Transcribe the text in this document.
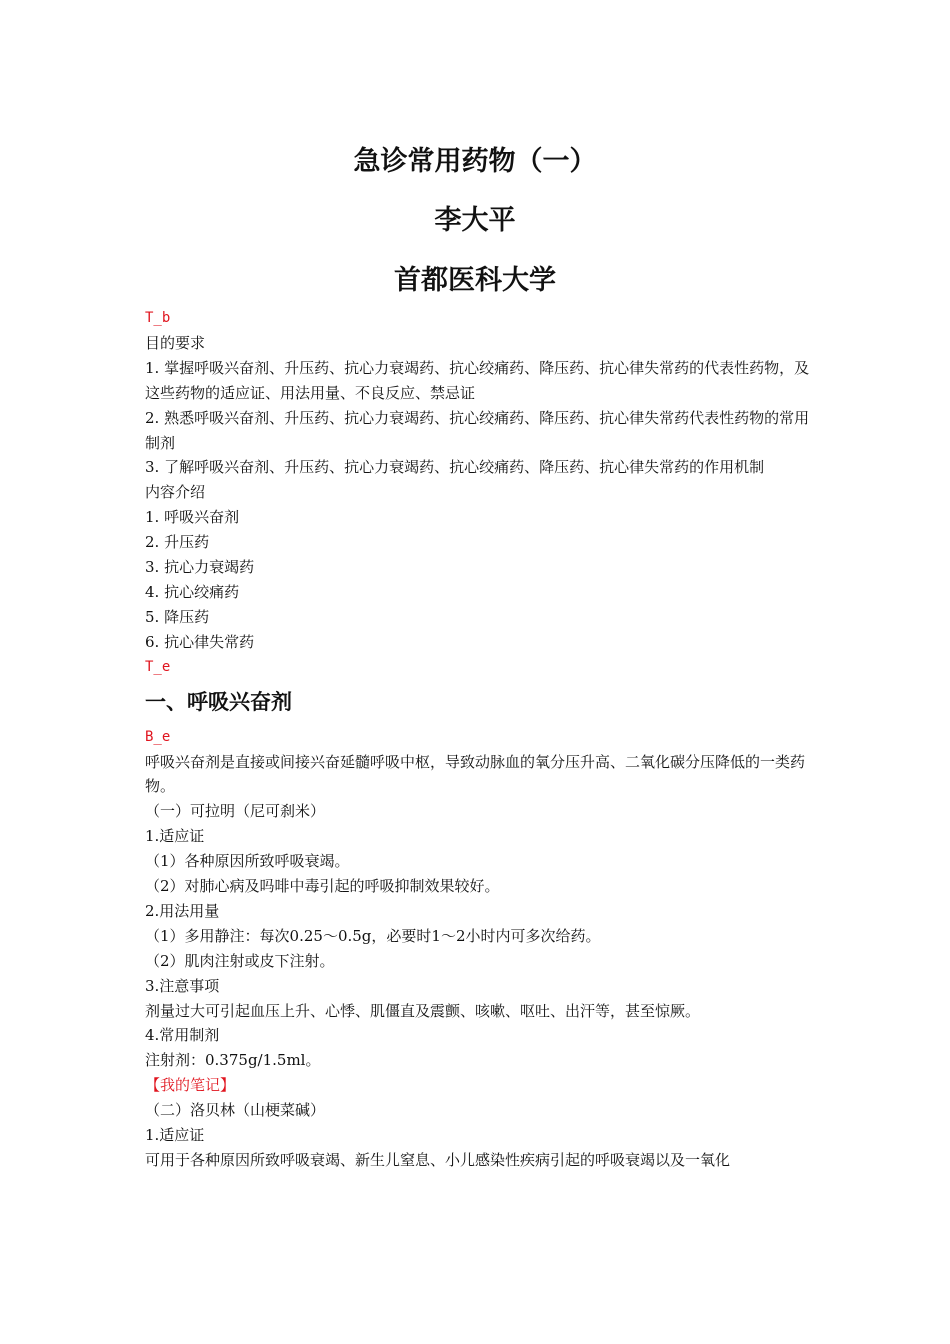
急诊常用药物（一）
李大平
首都医科大学

T_b

目的要求

1. 掌握呼吸兴奋剂、升压药、抗心力衰竭药、抗心绞痛药、降压药、抗心律失常药的代表性药物，及这些药物的适应证、用法用量、不良反应、禁忌证

2. 熟悉呼吸兴奋剂、升压药、抗心力衰竭药、抗心绞痛药、降压药、抗心律失常药代表性药物的常用制剂

3. 了解呼吸兴奋剂、升压药、抗心力衰竭药、抗心绞痛药、降压药、抗心律失常药的作用机制

内容介绍

1. 呼吸兴奋剂

2. 升压药

3. 抗心力衰竭药

4. 抗心绞痛药

5. 降压药

6. 抗心律失常药

T_e

一、呼吸兴奋剂

B_e

呼吸兴奋剂是直接或间接兴奋延髓呼吸中枢，导致动脉血的氧分压升高、二氧化碳分压降低的一类药物。

（一）可拉明（尼可刹米）

1.适应证

（1）各种原因所致呼吸衰竭。

（2）对肺心病及吗啡中毒引起的呼吸抑制效果较好。

2.用法用量

（1）多用静注：每次0.25～0.5g，必要时1～2小时内可多次给药。

（2）肌肉注射或皮下注射。

3.注意事项

剂量过大可引起血压上升、心悸、肌僵直及震颤、咳嗽、呕吐、出汗等，甚至惊厥。

4.常用制剂

注射剂：0.375g/1.5ml。

【我的笔记】

（二）洛贝林（山梗菜碱）

1.适应证

可用于各种原因所致呼吸衰竭、新生儿窒息、小儿感染性疾病引起的呼吸衰竭以及一氧化
